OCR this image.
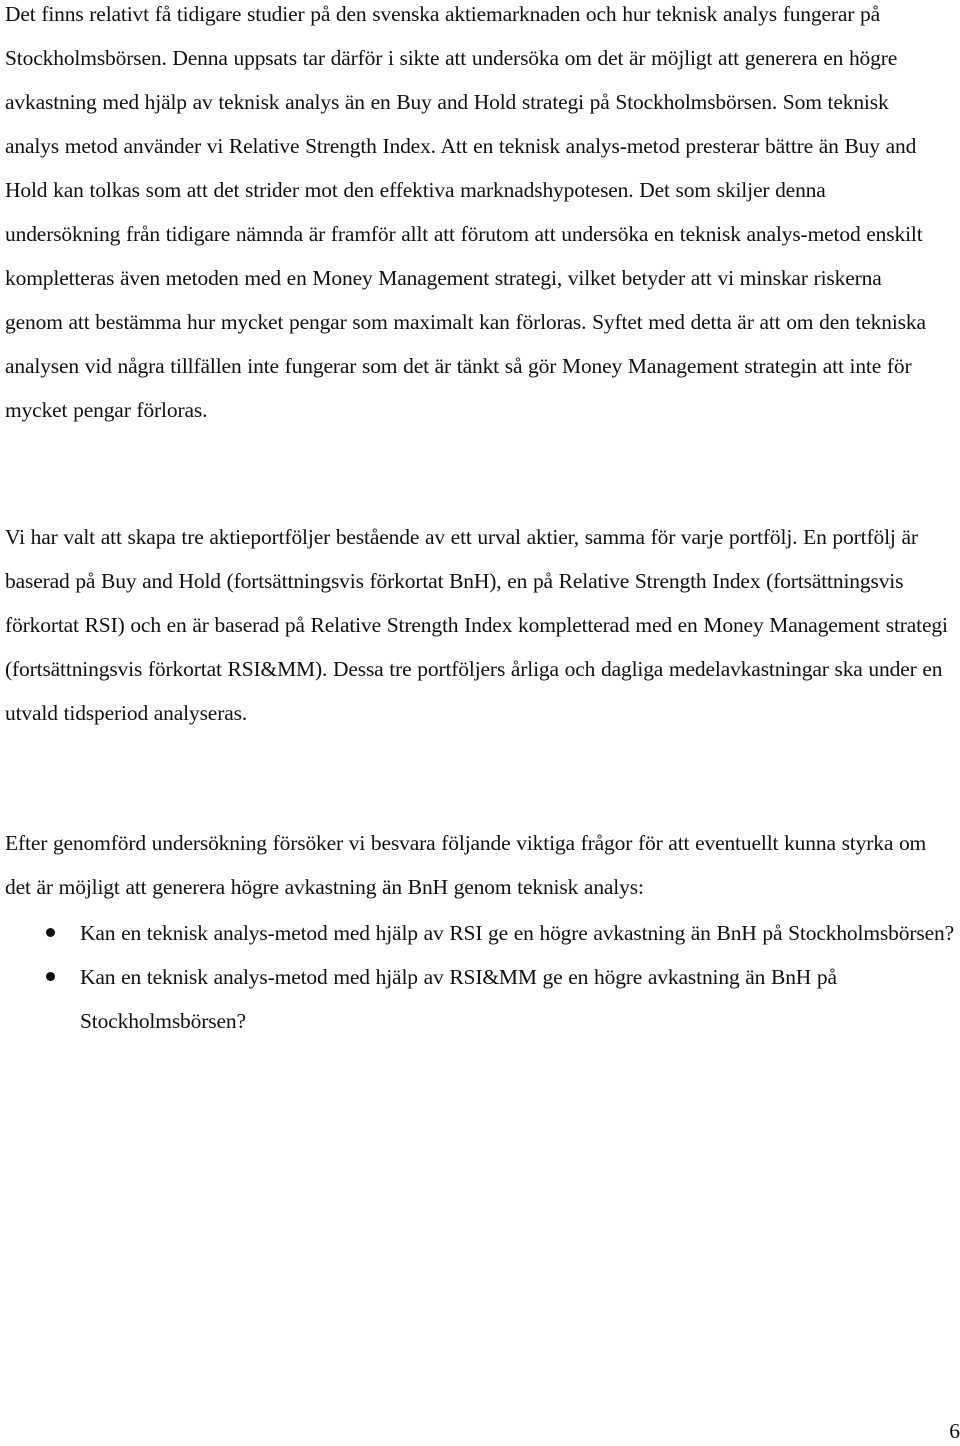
Det finns relativt få tidigare studier på den svenska aktiemarknaden och hur teknisk analys fungerar på Stockholmsbörsen. Denna uppsats tar därför i sikte att undersöka om det är möjligt att generera en högre avkastning med hjälp av teknisk analys än en Buy and Hold strategi på Stockholmsbörsen. Som teknisk analys metod använder vi Relative Strength Index. Att en teknisk analys-metod presterar bättre än Buy and Hold kan tolkas som att det strider mot den effektiva marknadshypotesen. Det som skiljer denna undersökning från tidigare nämnda är framför allt att förutom att undersöka en teknisk analys-metod enskilt kompletteras även metoden med en Money Management strategi, vilket betyder att vi minskar riskerna genom att bestämma hur mycket pengar som maximalt kan förloras. Syftet med detta är att om den tekniska analysen vid några tillfällen inte fungerar som det är tänkt så gör Money Management strategin att inte för mycket pengar förloras.

Vi har valt att skapa tre aktieportföljer bestående av ett urval aktier, samma för varje portfölj. En portfölj är baserad på Buy and Hold (fortsättningsvis förkortat BnH), en på Relative Strength Index (fortsättningsvis förkortat RSI) och en är baserad på Relative Strength Index kompletterad med en Money Management strategi (fortsättningsvis förkortat RSI&MM). Dessa tre portföljers årliga och dagliga medelavkastningar ska under en utvald tidsperiod analyseras.

Efter genomförd undersökning försöker vi besvara följande viktiga frågor för att eventuellt kunna styrka om det är möjligt att generera högre avkastning än BnH genom teknisk analys:

Kan en teknisk analys-metod med hjälp av RSI ge en högre avkastning än BnH på Stockholmsbörsen?
Kan en teknisk analys-metod med hjälp av RSI&MM ge en högre avkastning än BnH på Stockholmsbörsen?
6
